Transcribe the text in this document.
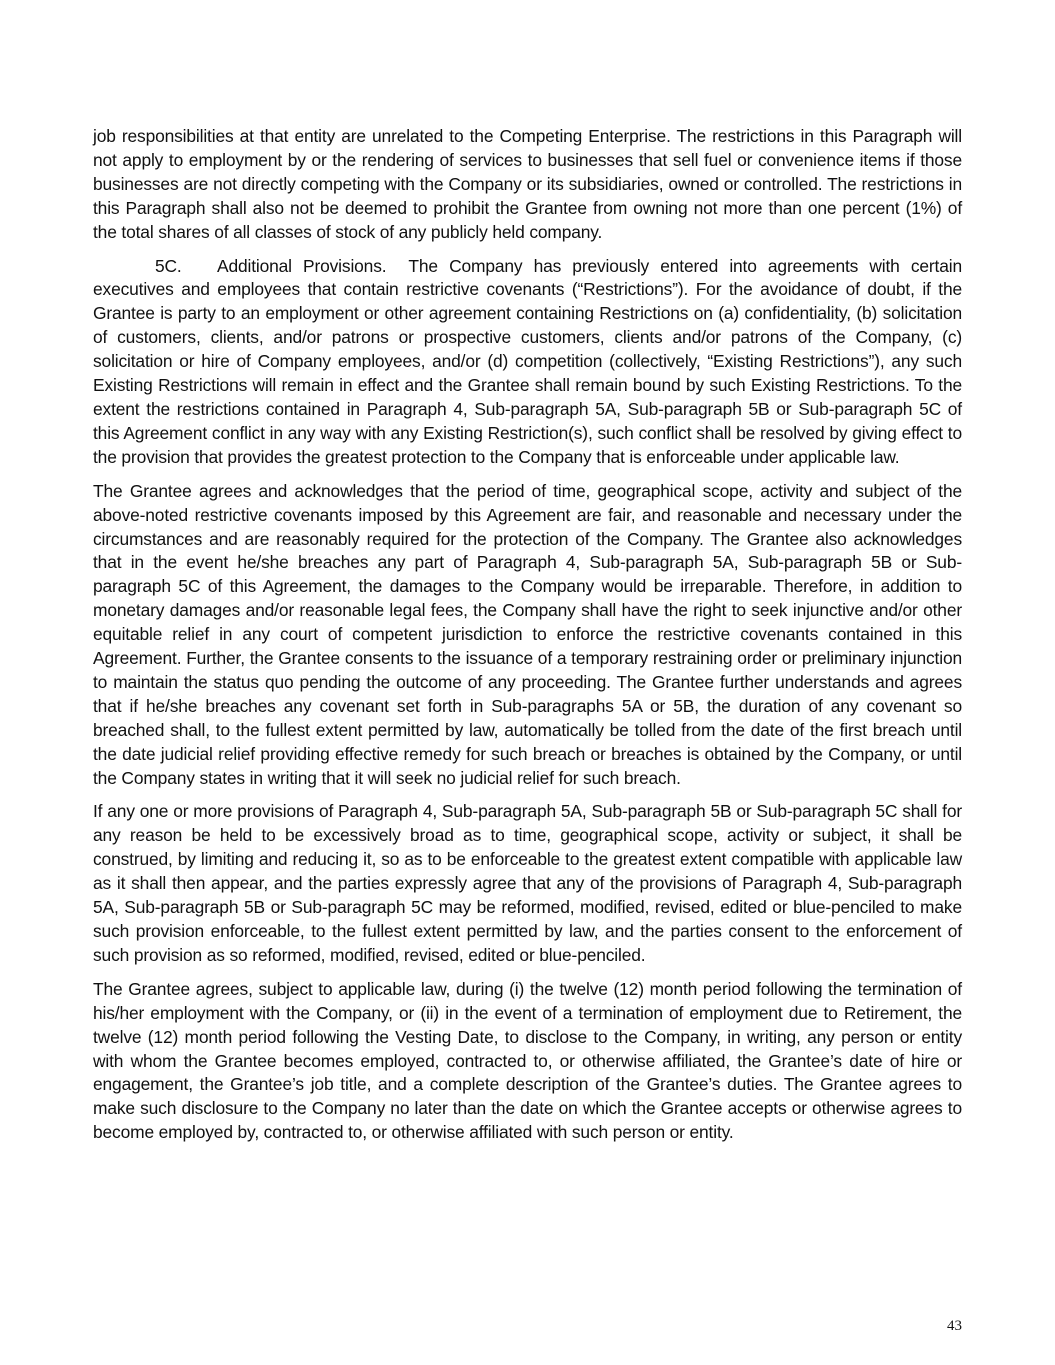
job responsibilities at that entity are unrelated to the Competing Enterprise. The restrictions in this Paragraph will not apply to employment by or the rendering of services to businesses that sell fuel or convenience items if those businesses are not directly competing with the Company or its subsidiaries, owned or controlled. The restrictions in this Paragraph shall also not be deemed to prohibit the Grantee from owning not more than one percent (1%) of the total shares of all classes of stock of any publicly held company.

5C. Additional Provisions. The Company has previously entered into agreements with certain executives and employees that contain restrictive covenants (“Restrictions”). For the avoidance of doubt, if the Grantee is party to an employment or other agreement containing Restrictions on (a) confidentiality, (b) solicitation of customers, clients, and/or patrons or prospective customers, clients and/or patrons of the Company, (c) solicitation or hire of Company employees, and/or (d) competition (collectively, “Existing Restrictions”), any such Existing Restrictions will remain in effect and the Grantee shall remain bound by such Existing Restrictions. To the extent the restrictions contained in Paragraph 4, Sub-paragraph 5A, Sub-paragraph 5B or Sub-paragraph 5C of this Agreement conflict in any way with any Existing Restriction(s), such conflict shall be resolved by giving effect to the provision that provides the greatest protection to the Company that is enforceable under applicable law.

The Grantee agrees and acknowledges that the period of time, geographical scope, activity and subject of the above-noted restrictive covenants imposed by this Agreement are fair, and reasonable and necessary under the circumstances and are reasonably required for the protection of the Company. The Grantee also acknowledges that in the event he/she breaches any part of Paragraph 4, Sub-paragraph 5A, Sub-paragraph 5B or Sub-paragraph 5C of this Agreement, the damages to the Company would be irreparable. Therefore, in addition to monetary damages and/or reasonable legal fees, the Company shall have the right to seek injunctive and/or other equitable relief in any court of competent jurisdiction to enforce the restrictive covenants contained in this Agreement. Further, the Grantee consents to the issuance of a temporary restraining order or preliminary injunction to maintain the status quo pending the outcome of any proceeding. The Grantee further understands and agrees that if he/she breaches any covenant set forth in Sub-paragraphs 5A or 5B, the duration of any covenant so breached shall, to the fullest extent permitted by law, automatically be tolled from the date of the first breach until the date judicial relief providing effective remedy for such breach or breaches is obtained by the Company, or until the Company states in writing that it will seek no judicial relief for such breach.

If any one or more provisions of Paragraph 4, Sub-paragraph 5A, Sub-paragraph 5B or Sub-paragraph 5C shall for any reason be held to be excessively broad as to time, geographical scope, activity or subject, it shall be construed, by limiting and reducing it, so as to be enforceable to the greatest extent compatible with applicable law as it shall then appear, and the parties expressly agree that any of the provisions of Paragraph 4, Sub-paragraph 5A, Sub-paragraph 5B or Sub-paragraph 5C may be reformed, modified, revised, edited or blue-penciled to make such provision enforceable, to the fullest extent permitted by law, and the parties consent to the enforcement of such provision as so reformed, modified, revised, edited or blue-penciled.

The Grantee agrees, subject to applicable law, during (i) the twelve (12) month period following the termination of his/her employment with the Company, or (ii) in the event of a termination of employment due to Retirement, the twelve (12) month period following the Vesting Date, to disclose to the Company, in writing, any person or entity with whom the Grantee becomes employed, contracted to, or otherwise affiliated, the Grantee’s date of hire or engagement, the Grantee’s job title, and a complete description of the Grantee’s duties. The Grantee agrees to make such disclosure to the Company no later than the date on which the Grantee accepts or otherwise agrees to become employed by, contracted to, or otherwise affiliated with such person or entity.

43
